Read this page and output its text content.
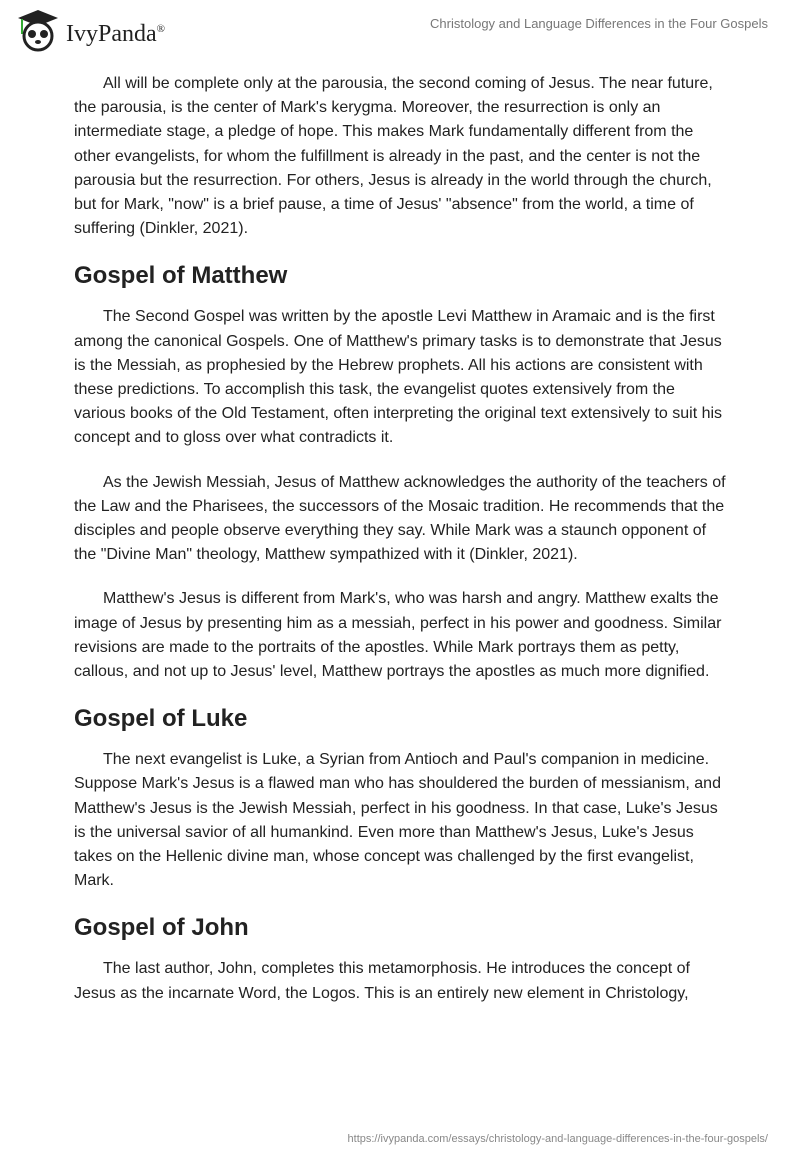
IvyPanda®	Christology and Language Differences in the Four Gospels

All will be complete only at the parousia, the second coming of Jesus. The near future, the parousia, is the center of Mark's kerygma. Moreover, the resurrection is only an intermediate stage, a pledge of hope. This makes Mark fundamentally different from the other evangelists, for whom the fulfillment is already in the past, and the center is not the parousia but the resurrection. For others, Jesus is already in the world through the church, but for Mark, "now" is a brief pause, a time of Jesus' "absence" from the world, a time of suffering (Dinkler, 2021).

Gospel of Matthew

The Second Gospel was written by the apostle Levi Matthew in Aramaic and is the first among the canonical Gospels. One of Matthew's primary tasks is to demonstrate that Jesus is the Messiah, as prophesied by the Hebrew prophets. All his actions are consistent with these predictions. To accomplish this task, the evangelist quotes extensively from the various books of the Old Testament, often interpreting the original text extensively to suit his concept and to gloss over what contradicts it.

As the Jewish Messiah, Jesus of Matthew acknowledges the authority of the teachers of the Law and the Pharisees, the successors of the Mosaic tradition. He recommends that the disciples and people observe everything they say. While Mark was a staunch opponent of the "Divine Man" theology, Matthew sympathized with it (Dinkler, 2021).

Matthew's Jesus is different from Mark's, who was harsh and angry. Matthew exalts the image of Jesus by presenting him as a messiah, perfect in his power and goodness. Similar revisions are made to the portraits of the apostles. While Mark portrays them as petty, callous, and not up to Jesus' level, Matthew portrays the apostles as much more dignified.

Gospel of Luke

The next evangelist is Luke, a Syrian from Antioch and Paul's companion in medicine. Suppose Mark's Jesus is a flawed man who has shouldered the burden of messianism, and Matthew's Jesus is the Jewish Messiah, perfect in his goodness. In that case, Luke's Jesus is the universal savior of all humankind. Even more than Matthew's Jesus, Luke's Jesus takes on the Hellenic divine man, whose concept was challenged by the first evangelist, Mark.

Gospel of John

The last author, John, completes this metamorphosis. He introduces the concept of Jesus as the incarnate Word, the Logos. This is an entirely new element in Christology,

https://ivypanda.com/essays/christology-and-language-differences-in-the-four-gospels/
